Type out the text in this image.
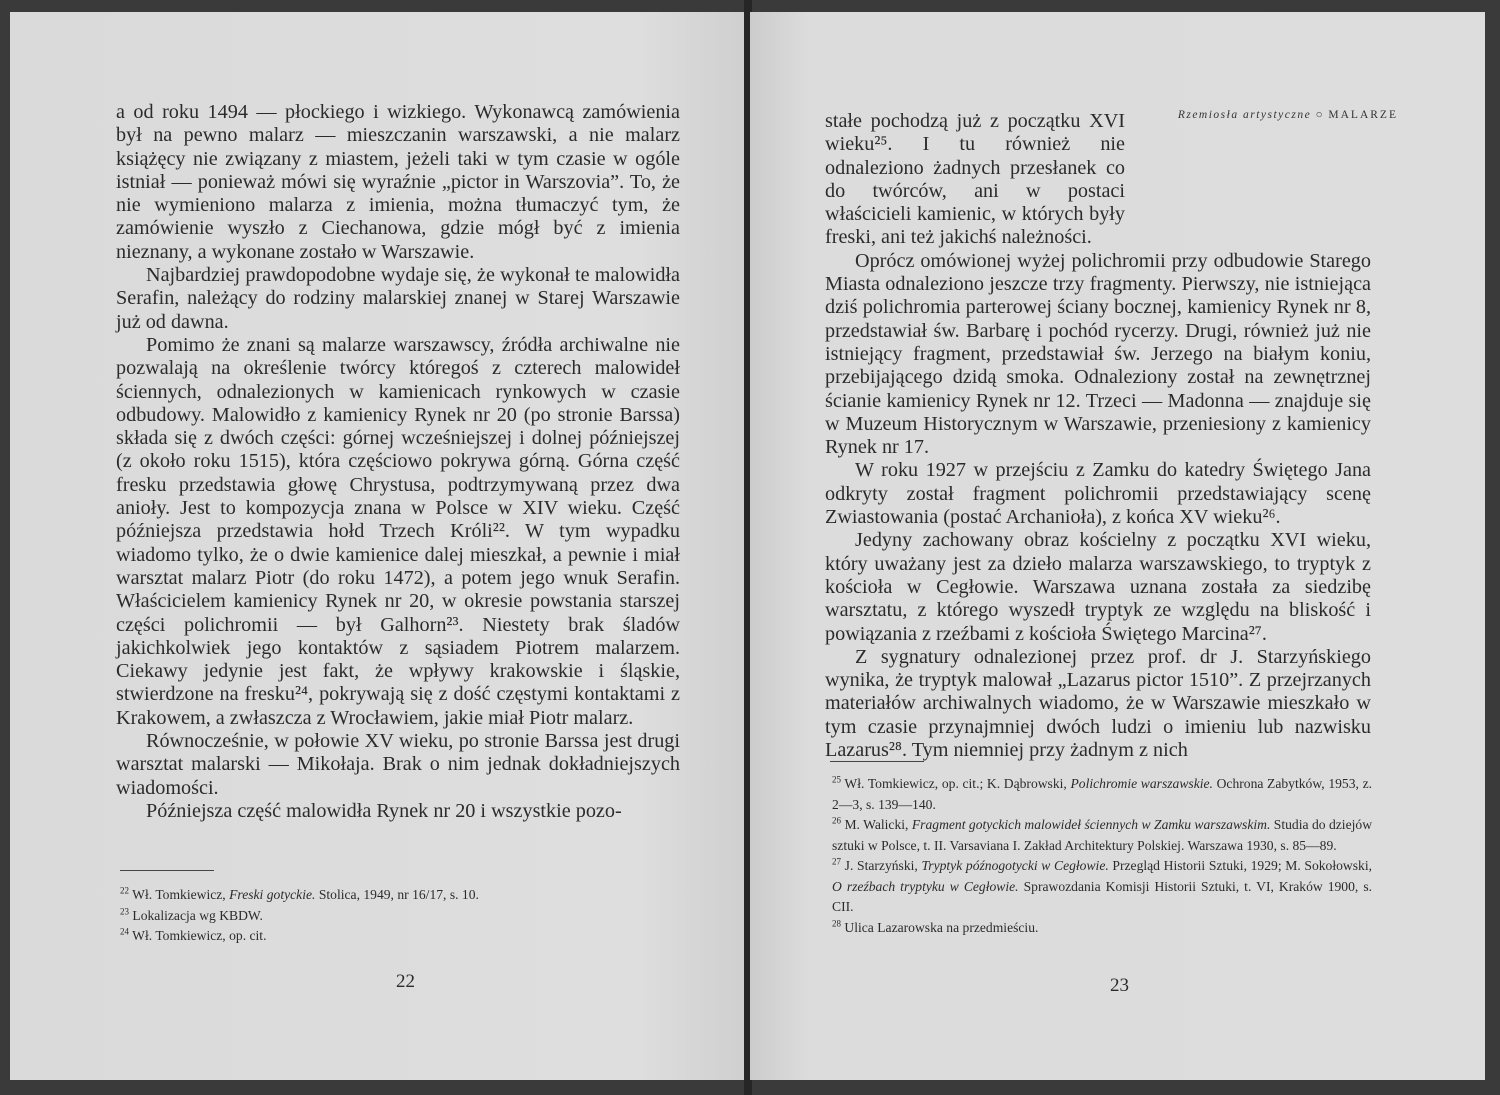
a od roku 1494 — płockiego i wizkiego. Wykonawcą zamówienia był na pewno malarz — mieszczanin warszawski, a nie malarz książęcy nie związany z miastem, jeżeli taki w tym czasie w ogóle istniał — ponieważ mówi się wyraźnie „pictor in Warszovia”. To, że nie wymieniono malarza z imienia, można tłumaczyć tym, że zamówienie wyszło z Ciechanowa, gdzie mógł być z imienia nieznany, a wykonane zostało w Warszawie.

Najbardziej prawdopodobne wydaje się, że wykonał te malowidła Serafin, należący do rodziny malarskiej znanej w Starej Warszawie już od dawna.

Pomimo że znani są malarze warszawscy, źródła archiwalne nie pozwalają na określenie twórcy któregoś z czterech malowideł ściennych, odnalezionych w kamienicach rynkowych w czasie odbudowy. Malowidło z kamienicy Rynek nr 20 (po stronie Barssa) składa się z dwóch części: górnej wcześniejszej i dolnej późniejszej (z około roku 1515), która częściowo pokrywa górną. Górna część fresku przedstawia głowę Chrystusa, podtrzymywaną przez dwa anioły. Jest to kompozycja znana w Polsce w XIV wieku. Część późniejsza przedstawia hołd Trzech Króli²². W tym wypadku wiadomo tylko, że o dwie kamienice dalej mieszkał, a pewnie i miał warsztat malarz Piotr (do roku 1472), a potem jego wnuk Serafin. Właścicielem kamienicy Rynek nr 20, w okresie powstania starszej części polichromii — był Galhorn²³. Niestety brak śladów jakichkolwiek jego kontaktów z sąsiadem Piotrem malarzem. Ciekawy jedynie jest fakt, że wpływy krakowskie i śląskie, stwierdzone na fresku²⁴, pokrywają się z dość częstymi kontaktami z Krakowem, a zwłaszcza z Wrocławiem, jakie miał Piotr malarz.

Równocześnie, w połowie XV wieku, po stronie Barssa jest drugi warsztat malarski — Mikołaja. Brak o nim jednak dokładniejszych wiadomości.

Późniejsza część malowidła Rynek nr 20 i wszystkie pozo-

$^{22}$ Wł. Tomkiewicz, Freski gotyckie. Stolica, 1949, nr 16/17, s. 10.

$^{23}$ Lokalizacja wg KBDW.

$^{24}$ Wł. Tomkiewicz, op. cit.

22
Rzemiosła artystyczne ○ MALARZE

stałe pochodzą już z początku XVI wieku²⁵. I tu również nie odnaleziono żadnych przesłanek co do twórców, ani w postaci właścicieli kamienic, w których były freski, ani też jakichś należności.

Oprócz omówionej wyżej polichromii przy odbudowie Starego Miasta odnaleziono jeszcze trzy fragmenty. Pierwszy, nie istniejąca dziś polichromia parterowej ściany bocznej, kamienicy Rynek nr 8, przedstawiał św. Barbarę i pochód rycerzy. Drugi, również już nie istniejący fragment, przedstawiał św. Jerzego na białym koniu, przebijającego dzidą smoka. Odnaleziony został na zewnętrznej ścianie kamienicy Rynek nr 12. Trzeci — Madonna — znajduje się w Muzeum Historycznym w Warszawie, przeniesiony z kamienicy Rynek nr 17.

W roku 1927 w przejściu z Zamku do katedry Świętego Jana odkryty został fragment polichromii przedstawiający scenę Zwiastowania (postać Archanioła), z końca XV wieku²⁶.

Jedyny zachowany obraz kościelny z początku XVI wieku, który uważany jest za dzieło malarza warszawskiego, to tryptyk z kościoła w Cegłowie. Warszawa uznana została za siedzibę warsztatu, z którego wyszedł tryptyk ze względu na bliskość i powiązania z rzeźbami z kościoła Świętego Marcina²⁷.

Z sygnatury odnalezionej przez prof. dr J. Starzyńskiego wynika, że tryptyk malował „Lazarus pictor 1510”. Z przejrzanych materiałów archiwalnych wiadomo, że w Warszawie mieszkało w tym czasie przynajmniej dwóch ludzi o imieniu lub nazwisku Lazarus²⁸. Tym niemniej przy żadnym z nich

$^{25}$ Wł. Tomkiewicz, op. cit.; K. Dąbrowski, Polichromie warszawskie. Ochrona Zabytków, 1953, z. 2—3, s. 139—140.

$^{26}$ M. Walicki, Fragment gotyckich malowideł ściennych w Zamku warszawskim. Studia do dziejów sztuki w Polsce, t. II. Varsaviana I. Zakład Architektury Polskiej. Warszawa 1930, s. 85—89.

$^{27}$ J. Starzyński, Tryptyk późnogotycki w Cegłowie. Przegląd Historii Sztuki, 1929; M. Sokołowski, O rzeźbach tryptyku w Cegłowie. Sprawozdania Komisji Historii Sztuki, t. VI, Kraków 1900, s. CII.

$^{28}$ Ulica Lazarowska na przedmieściu.

23
